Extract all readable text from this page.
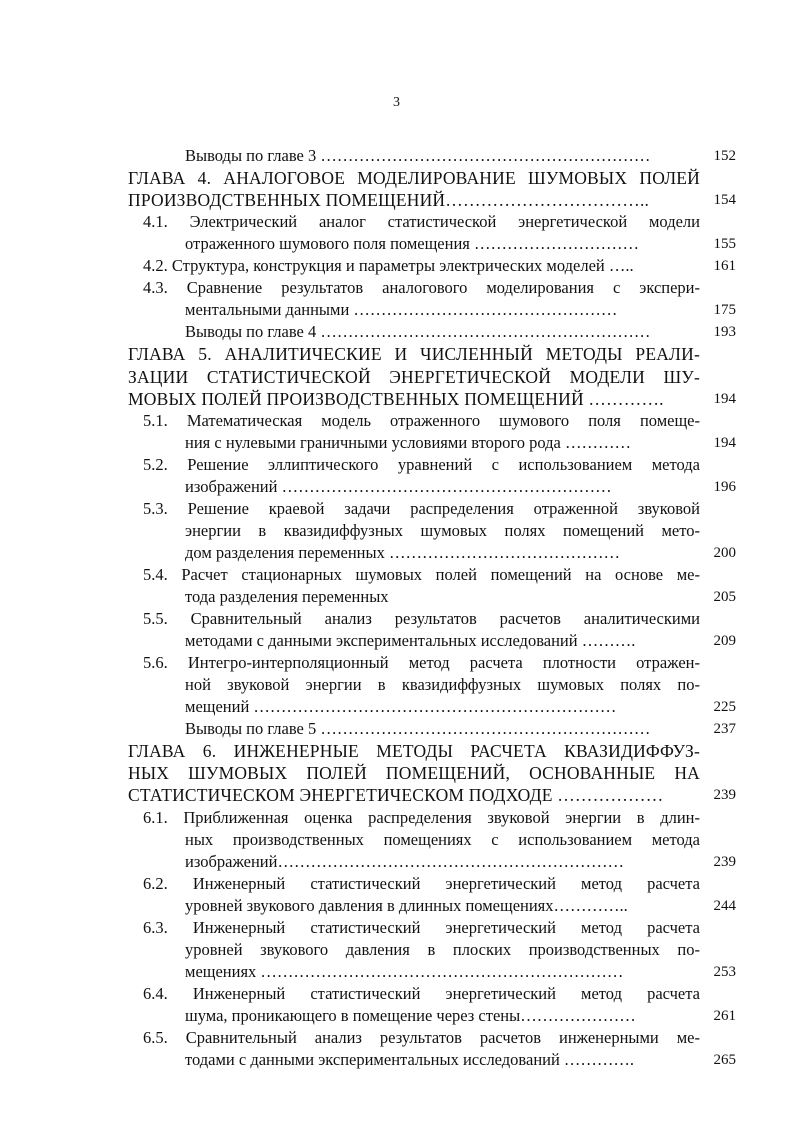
3
Выводы по главе 3 ……………………………………………………	152
ГЛАВА 4. АНАЛОГОВОЕ МОДЕЛИРОВАНИЕ ШУМОВЫХ ПОЛЕЙ
ПРОИЗВОДСТВЕННЫХ ПОМЕЩЕНИЙ……………………………..	154
4.1. Электрический аналог статистической энергетической модели
отраженного шумового поля помещения …………………………	155
4.2. Структура, конструкция и параметры электрических моделей …..	161
4.3. Сравнение результатов аналогового моделирования с экспери-
ментальными данными …………………………………………	175
Выводы по главе 4 ……………………………………………………	193
ГЛАВА 5. АНАЛИТИЧЕСКИЕ И ЧИСЛЕННЫЙ МЕТОДЫ РЕАЛИ-
ЗАЦИИ СТАТИСТИЧЕСКОЙ ЭНЕРГЕТИЧЕСКОЙ МОДЕЛИ ШУ-
МОВЫХ ПОЛЕЙ ПРОИЗВОДСТВЕННЫХ ПОМЕЩЕНИЙ ………….	194
5.1. Математическая модель отраженного шумового поля помеще-
ния с нулевыми граничными условиями второго рода …………	194
5.2. Решение эллиптического уравнений с использованием метода
изображений ……………………………………………………	196
5.3. Решение краевой задачи распределения отраженной звуковой
энергии в квазидиффузных шумовых полях помещений мето-
дом разделения переменных ……………………………………	200
5.4. Расчет стационарных шумовых полей помещений на основе ме-
тода разделения переменных	205
5.5. Сравнительный анализ результатов расчетов аналитическими
методами с данными экспериментальных исследований ……….	209
5.6. Интегро-интерполяционный метод расчета плотности отражен-
ной звуковой энергии в квазидиффузных шумовых полях по-
мещений …………………………………………………………	225
Выводы по главе 5 ……………………………………………………	237
ГЛАВА 6. ИНЖЕНЕРНЫЕ МЕТОДЫ РАСЧЕТА КВАЗИДИФФУЗ-
НЫХ ШУМОВЫХ ПОЛЕЙ ПОМЕЩЕНИЙ, ОСНОВАННЫЕ НА
СТАТИСТИЧЕСКОМ ЭНЕРГЕТИЧЕСКОМ ПОДХОДЕ ………………	239
6.1. Приближенная оценка распределения звуковой энергии в длин-
ных производственных помещениях с использованием метода
изображений………………………………………………………	239
6.2. Инженерный статистический энергетический метод расчета
уровней звукового давления в длинных помещениях…………..	244
6.3. Инженерный статистический энергетический метод расчета
уровней звукового давления в плоских производственных по-
мещениях …………………………………………………………	253
6.4. Инженерный статистический энергетический метод расчета
шума, проникающего в помещение через стены…………………	261
6.5. Сравнительный анализ результатов расчетов инженерными ме-
тодами с данными экспериментальных исследований ………….	265
